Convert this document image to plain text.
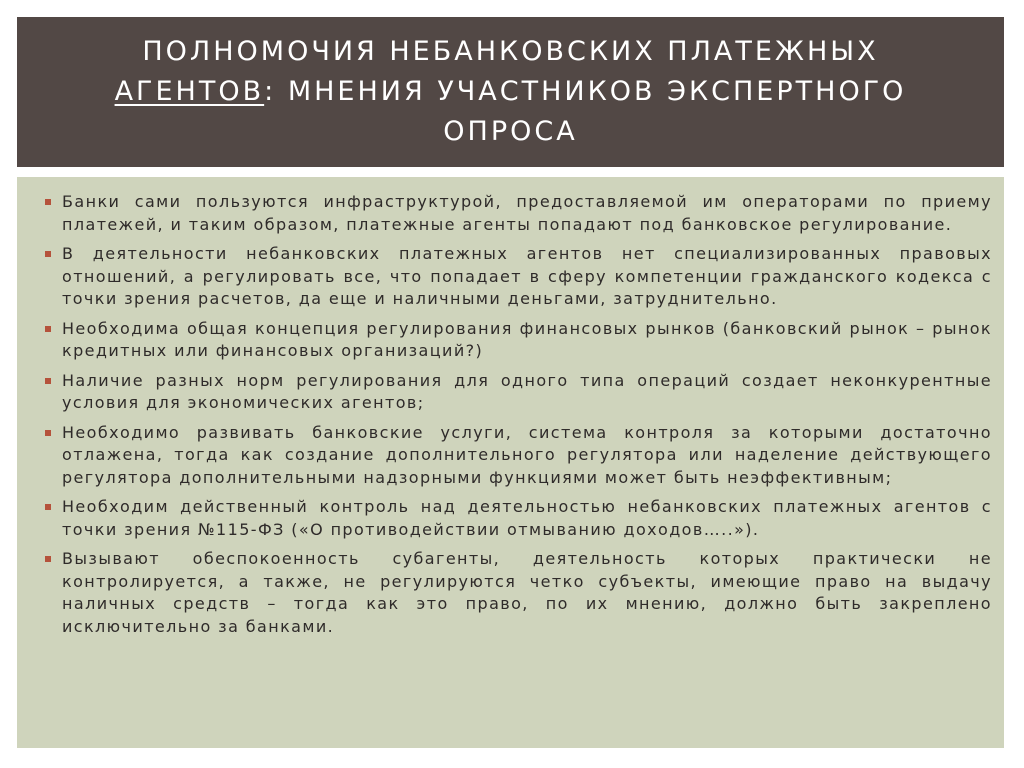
ПОЛНОМОЧИЯ НЕБАНКОВСКИХ ПЛАТЕЖНЫХ АГЕНТОВ: МНЕНИЯ УЧАСТНИКОВ ЭКСПЕРТНОГО ОПРОСА
Банки сами пользуются инфраструктурой, предоставляемой им операторами по приему платежей, и таким образом, платежные агенты попадают под банковское регулирование.
В деятельности небанковских платежных агентов нет специализированных правовых отношений, а регулировать все, что попадает в сферу компетенции гражданского кодекса с точки зрения расчетов, да еще и наличными деньгами, затруднительно.
Необходима общая концепция регулирования финансовых рынков (банковский рынок – рынок кредитных или финансовых организаций?)
Наличие разных норм регулирования для одного типа операций создает неконкурентные условия для экономических агентов;
Необходимо развивать банковские услуги, система контроля за которыми достаточно отлажена, тогда как создание дополнительного регулятора или наделение действующего регулятора дополнительными надзорными функциями может быть неэффективным;
Необходим действенный контроль над деятельностью небанковских платежных агентов с точки зрения №115-ФЗ («О противодействии отмыванию доходов…..»).
Вызывают обеспокоенность субагенты, деятельность которых практически не контролируется, а также, не регулируются четко субъекты, имеющие право на выдачу наличных средств – тогда как это право, по их мнению, должно быть закреплено исключительно за банками.
